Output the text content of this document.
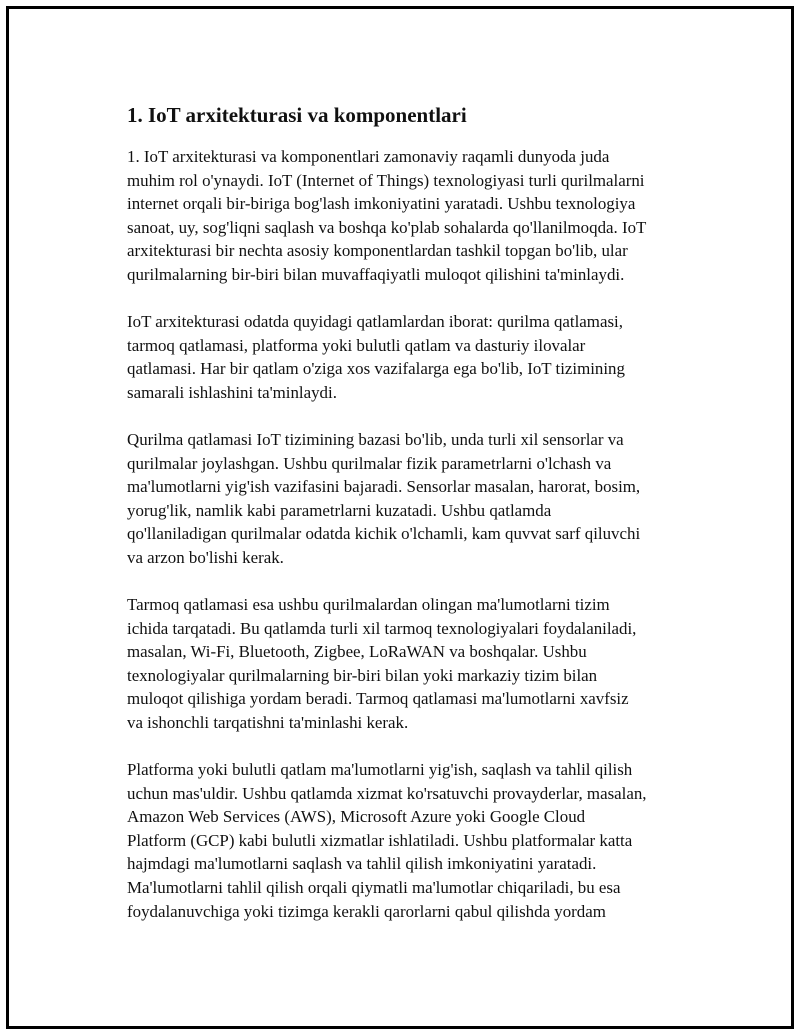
1. IoT arxitekturasi va komponentlari
1. IoT arxitekturasi va komponentlari zamonaviy raqamli dunyoda juda
muhim rol o'ynaydi. IoT (Internet of Things) texnologiyasi turli qurilmalarni
internet orqali bir-biriga bog'lash imkoniyatini yaratadi. Ushbu texnologiya
sanoat, uy, sog'liqni saqlash va boshqa ko'plab sohalarda qo'llanilmoqda. IoT
arxitekturasi bir nechta asosiy komponentlardan tashkil topgan bo'lib, ular
qurilmalarning bir-biri bilan muvaffaqiyatli muloqot qilishini ta'minlaydi.
IoT arxitekturasi odatda quyidagi qatlamlardan iborat: qurilma qatlamasi,
tarmoq qatlamasi, platforma yoki bulutli qatlam va dasturiy ilovalar
qatlamasi. Har bir qatlam o'ziga xos vazifalarga ega bo'lib, IoT tizimining
samarali ishlashini ta'minlaydi.
Qurilma qatlamasi IoT tizimining bazasi bo'lib, unda turli xil sensorlar va
qurilmalar joylashgan. Ushbu qurilmalar fizik parametrlarni o'lchash va
ma'lumotlarni yig'ish vazifasini bajaradi. Sensorlar masalan, harorat, bosim,
yorug'lik, namlik kabi parametrlarni kuzatadi. Ushbu qatlamda
qo'llaniladigan qurilmalar odatda kichik o'lchamli, kam quvvat sarf qiluvchi
va arzon bo'lishi kerak.
Tarmoq qatlamasi esa ushbu qurilmalardan olingan ma'lumotlarni tizim
ichida tarqatadi. Bu qatlamda turli xil tarmoq texnologiyalari foydalaniladi,
masalan, Wi-Fi, Bluetooth, Zigbee, LoRaWAN va boshqalar. Ushbu
texnologiyalar qurilmalarning bir-biri bilan yoki markaziy tizim bilan
muloqot qilishiga yordam beradi. Tarmoq qatlamasi ma'lumotlarni xavfsiz
va ishonchli tarqatishni ta'minlashi kerak.
Platforma yoki bulutli qatlam ma'lumotlarni yig'ish, saqlash va tahlil qilish
uchun mas'uldir. Ushbu qatlamda xizmat ko'rsatuvchi provayderlar, masalan,
Amazon Web Services (AWS), Microsoft Azure yoki Google Cloud
Platform (GCP) kabi bulutli xizmatlar ishlatiladi. Ushbu platformalar katta
hajmdagi ma'lumotlarni saqlash va tahlil qilish imkoniyatini yaratadi.
Ma'lumotlarni tahlil qilish orqali qiymatli ma'lumotlar chiqariladi, bu esa
foydalanuvchiga yoki tizimga kerakli qarorlarni qabul qilishda yordam
